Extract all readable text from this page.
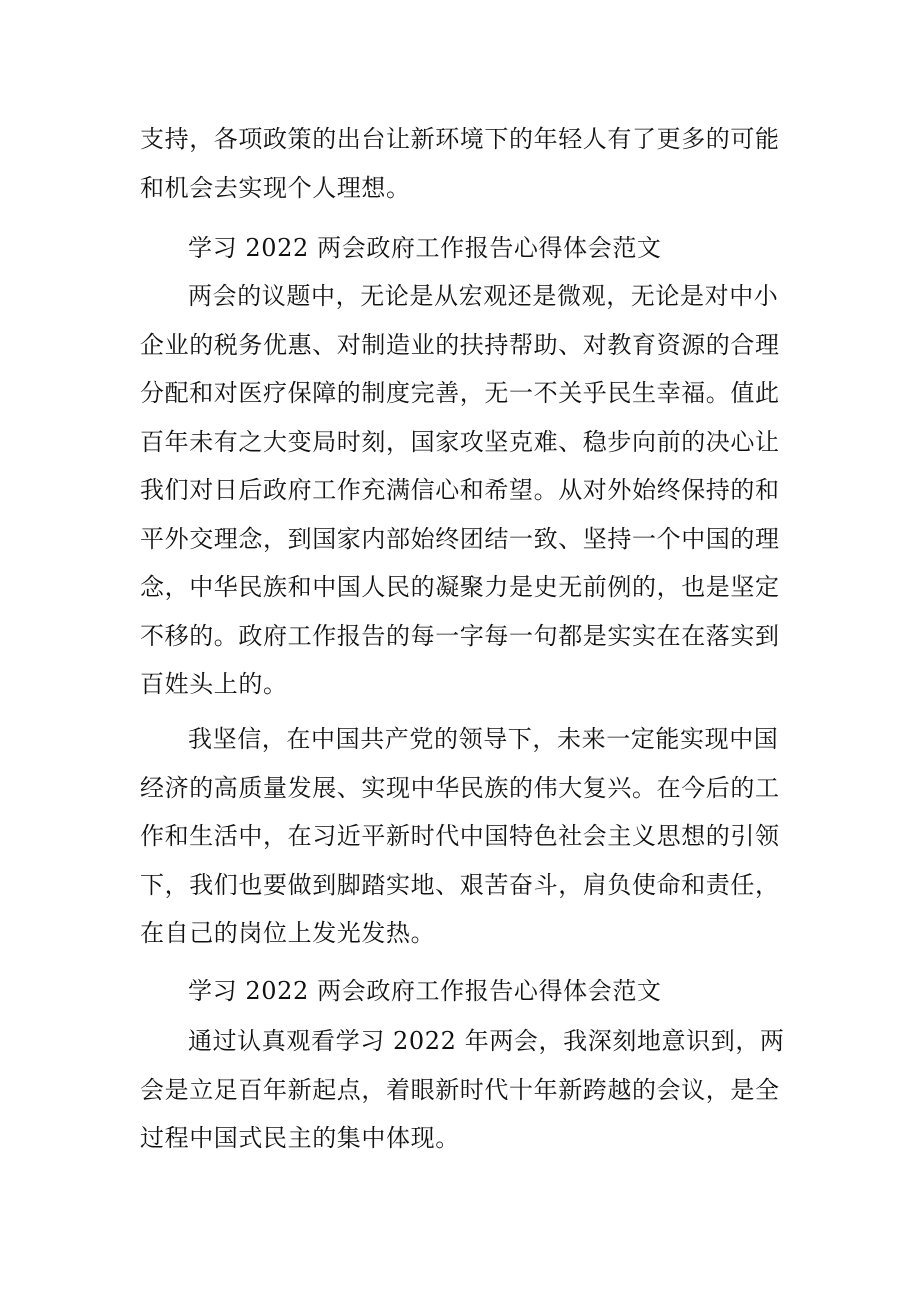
支持，各项政策的出台让新环境下的年轻人有了更多的可能
和机会去实现个人理想。
学习 2022 两会政府工作报告心得体会范文
两会的议题中，无论是从宏观还是微观，无论是对中小
企业的税务优惠、对制造业的扶持帮助、对教育资源的合理
分配和对医疗保障的制度完善，无一不关乎民生幸福。值此
百年未有之大变局时刻，国家攻坚克难、稳步向前的决心让
我们对日后政府工作充满信心和希望。从对外始终保持的和
平外交理念，到国家内部始终团结一致、坚持一个中国的理
念，中华民族和中国人民的凝聚力是史无前例的，也是坚定
不移的。政府工作报告的每一字每一句都是实实在在落实到
百姓头上的。
我坚信，在中国共产党的领导下，未来一定能实现中国
经济的高质量发展、实现中华民族的伟大复兴。在今后的工
作和生活中，在习近平新时代中国特色社会主义思想的引领
下，我们也要做到脚踏实地、艰苦奋斗，肩负使命和责任，
在自己的岗位上发光发热。
学习 2022 两会政府工作报告心得体会范文
通过认真观看学习 2022 年两会，我深刻地意识到，两
会是立足百年新起点，着眼新时代十年新跨越的会议，是全
过程中国式民主的集中体现。
